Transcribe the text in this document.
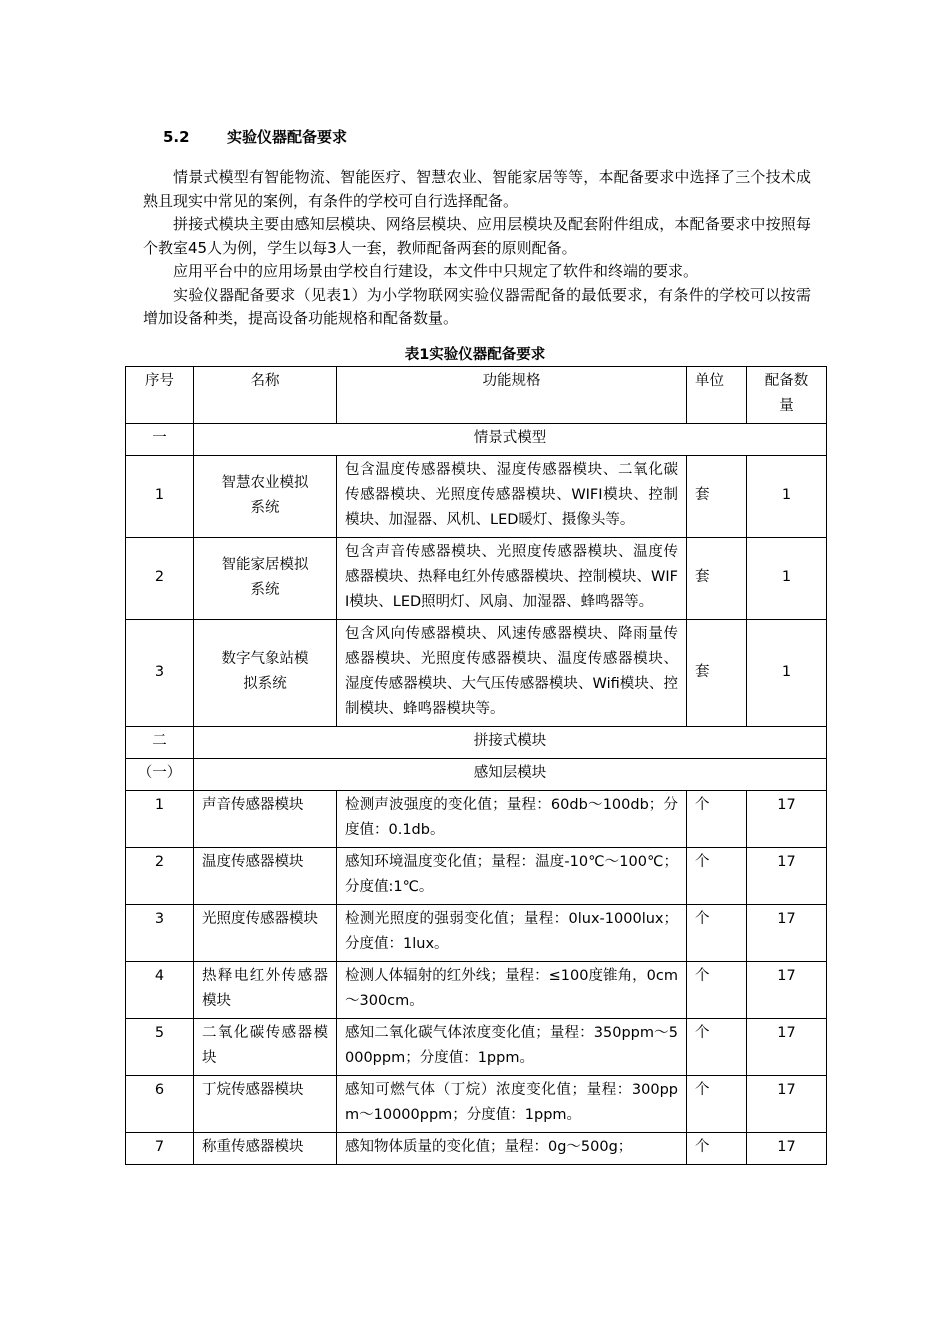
5.2 实验仪器配备要求

情景式模型有智能物流、智能医疗、智慧农业、智能家居等等，本配备要求中选择了三个技术成熟且现实中常见的案例，有条件的学校可自行选择配备。

拼接式模块主要由感知层模块、网络层模块、应用层模块及配套附件组成，本配备要求中按照每个教室45人为例，学生以每3人一套，教师配备两套的原则配备。

应用平台中的应用场景由学校自行建设，本文件中只规定了软件和终端的要求。

实验仪器配备要求（见表1）为小学物联网实验仪器需配备的最低要求，有条件的学校可以按需增加设备种类，提高设备功能规格和配备数量。

表1实验仪器配备要求
序号	名称	功能规格	单位	配备数量
一	情景式模型			
1	智慧农业模拟系统	包含温度传感器模块、湿度传感器模块、二氧化碳传感器模块、光照度传感器模块、WIFI模块、控制模块、加湿器、风机、LED暖灯、摄像头等。	套	1
2	智能家居模拟系统	包含声音传感器模块、光照度传感器模块、温度传感器模块、热释电红外传感器模块、控制模块、WIFI模块、LED照明灯、风扇、加湿器、蜂鸣器等。	套	1
3	数字气象站模拟系统	包含风向传感器模块、风速传感器模块、降雨量传感器模块、光照度传感器模块、温度传感器模块、湿度传感器模块、大气压传感器模块、Wifi模块、控制模块、蜂鸣器模块等。	套	1
二	拼接式模块			
（一）	感知层模块			
1	声音传感器模块	检测声波强度的变化值；量程：60db～100db；分度值：0.1db。	个	17
2	温度传感器模块	感知环境温度变化值；量程：温度-10℃～100℃；分度值:1℃。	个	17
3	光照度传感器模块	检测光照度的强弱变化值；量程：0lux-1000lux；分度值：1lux。	个	17
4	热释电红外传感器模块	检测人体辐射的红外线；量程：≤100度锥角，0cm～300cm。	个	17
5	二氧化碳传感器模块	感知二氧化碳气体浓度变化值；量程：350ppm～5000ppm；分度值：1ppm。	个	17
6	丁烷传感器模块	感知可燃气体（丁烷）浓度变化值；量程：300ppm～10000ppm；分度值：1ppm。	个	17
7	称重传感器模块	感知物体质量的变化值；量程：0g～500g；	个	17
